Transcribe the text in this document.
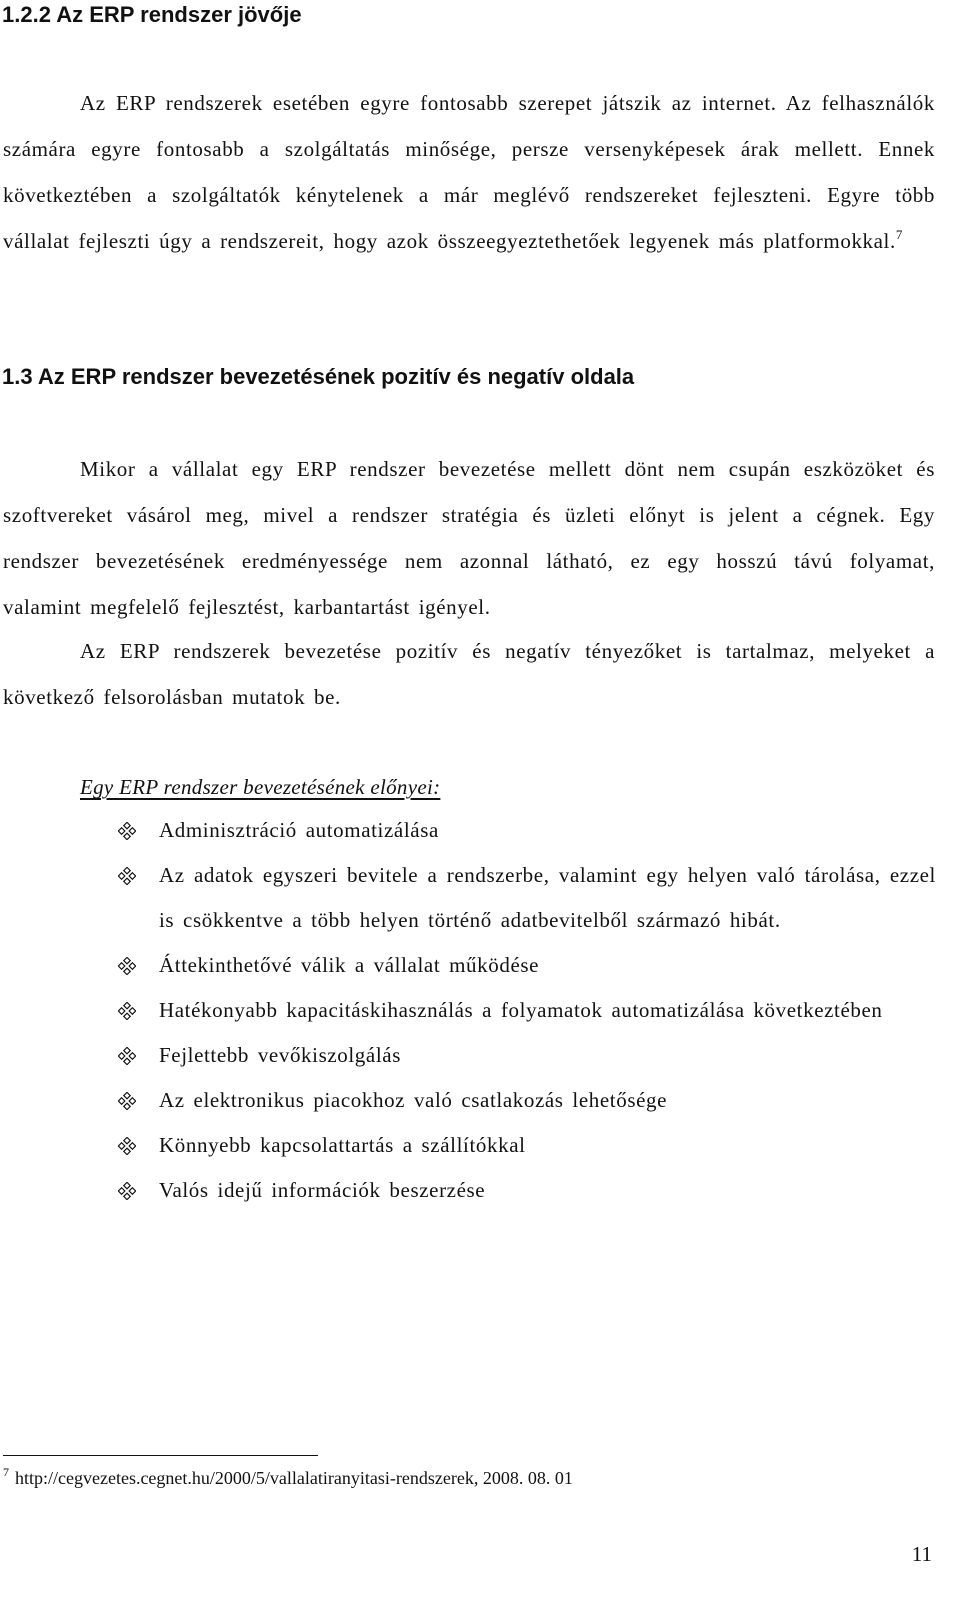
1.2.2 Az ERP rendszer jövője

Az ERP rendszerek esetében egyre fontosabb szerepet játszik az internet. Az felhasználók számára egyre fontosabb a szolgáltatás minősége, persze versenyképesek árak mellett. Ennek következtében a szolgáltatók kénytelenek a már meglévő rendszereket fejleszteni. Egyre több vállalat fejleszti úgy a rendszereit, hogy azok összeegyeztethetőek legyenek más platformokkal.$^7$

1.3 Az ERP rendszer bevezetésének pozitív és negatív oldala

Mikor a vállalat egy ERP rendszer bevezetése mellett dönt nem csupán eszközöket és szoftvereket vásárol meg, mivel a rendszer stratégia és üzleti előnyt is jelent a cégnek. Egy rendszer bevezetésének eredményessége nem azonnal látható, ez egy hosszú távú folyamat, valamint megfelelő fejlesztést, karbantartást igényel.

Az ERP rendszerek bevezetése pozitív és negatív tényezőket is tartalmaz, melyeket a következő felsorolásban mutatok be.

Egy ERP rendszer bevezetésének előnyei:
Adminisztráció automatizálása
Az adatok egyszeri bevitele a rendszerbe, valamint egy helyen való tárolása, ezzel is csökkentve a több helyen történő adatbevitelből származó hibát.
Áttekinthetővé válik a vállalat működése
Hatékonyabb kapacitáskihasználás a folyamatok automatizálása következtében
Fejlettebb vevőkiszolgálás
Az elektronikus piacokhoz való csatlakozás lehetősége
Könnyebb kapcsolattartás a szállítókkal
Valós idejű információk beszerzése
$^7$ http://cegvezetes.cegnet.hu/2000/5/vallalatiranyitasi-rendszerek, 2008. 08. 01
11
